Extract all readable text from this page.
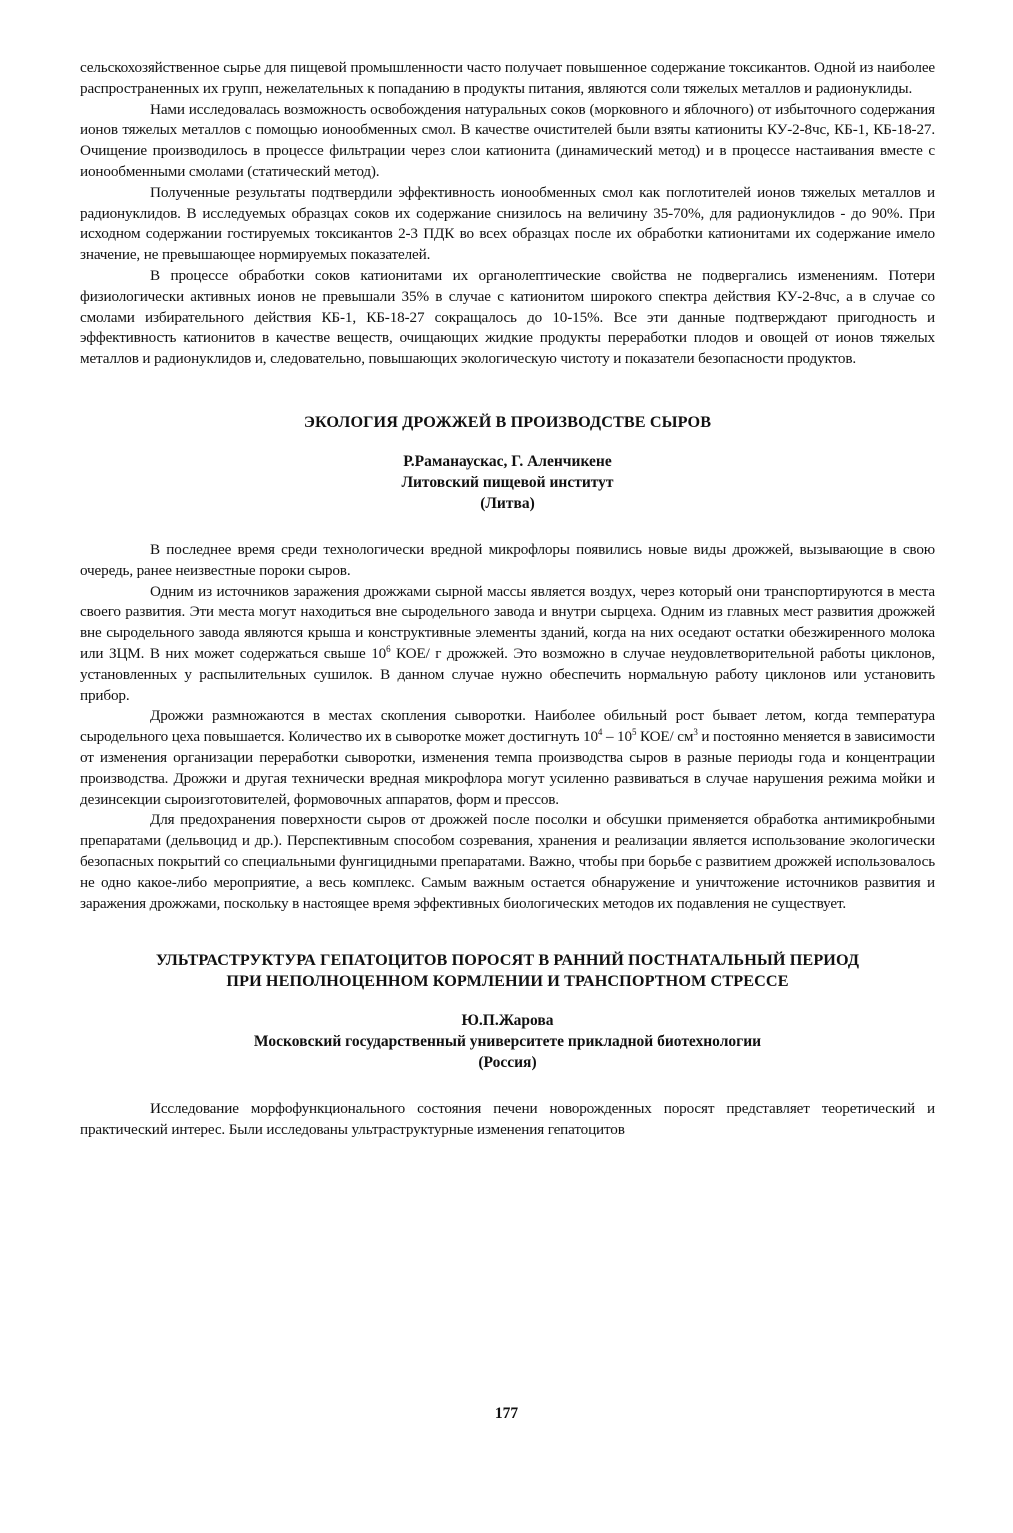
сельскохозяйственное сырье для пищевой промышленности часто получает повышенное содержание токсикантов. Одной из наиболее распространенных их групп, нежелательных к попаданию в продукты питания, являются соли тяжелых металлов и радионуклиды.

Нами исследовалась возможность освобождения натуральных соков (морковного и яблочного) от избыточного содержания ионов тяжелых металлов с помощью ионообменных смол. В качестве очистителей были взяты катиониты КУ-2-8чс, КБ-1, КБ-18-27. Очищение производилось в процессе фильтрации через слои катионита (динамический метод) и в процессе настаивания вместе с ионообменными смолами (статический метод).

Полученные результаты подтвердили эффективность ионообменных смол как поглотителей ионов тяжелых металлов и радионуклидов. В исследуемых образцах соков их содержание снизилось на величину 35-70%, для радионуклидов - до 90%. При исходном содержании гостируемых токсикантов 2-3 ПДК во всех образцах после их обработки катионитами их содержание имело значение, не превышающее нормируемых показателей.

В процессе обработки соков катионитами их органолептические свойства не подвергались изменениям. Потери физиологически активных ионов не превышали 35% в случае с катионитом широкого спектра действия КУ-2-8чс, а в случае со смолами избирательного действия КБ-1, КБ-18-27 сокращалось до 10-15%. Все эти данные подтверждают пригодность и эффективность катионитов в качестве веществ, очищающих жидкие продукты переработки плодов и овощей от ионов тяжелых металлов и радионуклидов и, следовательно, повышающих экологическую чистоту и показатели безопасности продуктов.

ЭКОЛОГИЯ ДРОЖЖЕЙ В ПРОИЗВОДСТВЕ СЫРОВ
Р.Раманаускас, Г. Аленчикене
Литовский пищевой институт
(Литва)

В последнее время среди технологически вредной микрофлоры появились новые виды дрожжей, вызывающие в свою очередь, ранее неизвестные пороки сыров.

Одним из источников заражения дрожжами сырной массы является воздух, через который они транспортируются в места своего развития. Эти места могут находиться вне сыродельного завода и внутри сырцеха. Одним из главных мест развития дрожжей вне сыродельного завода являются крыша и конструктивные элементы зданий, когда на них оседают остатки обезжиренного молока или ЗЦМ. В них может содержаться свыше $10^6$ КОЕ/ г дрожжей. Это возможно в случае неудовлетворительной работы циклонов, установленных у распылительных сушилок. В данном случае нужно обеспечить нормальную работу циклонов или установить прибор.

Дрожжи размножаются в местах скопления сыворотки. Наиболее обильный рост бывает летом, когда температура сыродельного цеха повышается. Количество их в сыворотке может достигнуть $10^4 - 10^5$ КОЕ/ $см^3$ и постоянно меняется в зависимости от изменения организации переработки сыворотки, изменения темпа производства сыров в разные периоды года и концентрации производства. Дрожжи и другая технически вредная микрофлора могут усиленно развиваться в случае нарушения режима мойки и дезинсекции сыроизготовителей, формовочных аппаратов, форм и прессов.

Для предохранения поверхности сыров от дрожжей после посолки и обсушки применяется обработка антимикробными препаратами (дельвоцид и др.). Перспективным способом созревания, хранения и реализации является использование экологически безопасных покрытий со специальными фунгицидными препаратами. Важно, чтобы при борьбе с развитием дрожжей использовалось не одно какое-либо мероприятие, а весь комплекс. Самым важным остается обнаружение и уничтожение источников развития и заражения дрожжами, поскольку в настоящее время эффективных биологических методов их подавления не существует.

УЛЬТРАСТРУКТУРА ГЕПАТОЦИТОВ ПОРОСЯТ В РАННИЙ ПОСТНАТАЛЬНЫЙ ПЕРИОД
ПРИ НЕПОЛНОЦЕННОМ КОРМЛЕНИИ И ТРАНСПОРТНОМ СТРЕССЕ
Ю.П.Жарова
Московский государственный университете прикладной биотехнологии
(Россия)

Исследование морфофункционального состояния печени новорожденных поросят представляет теоретический и практический интерес. Были исследованы ультраструктурные изменения гепатоцитов

177
